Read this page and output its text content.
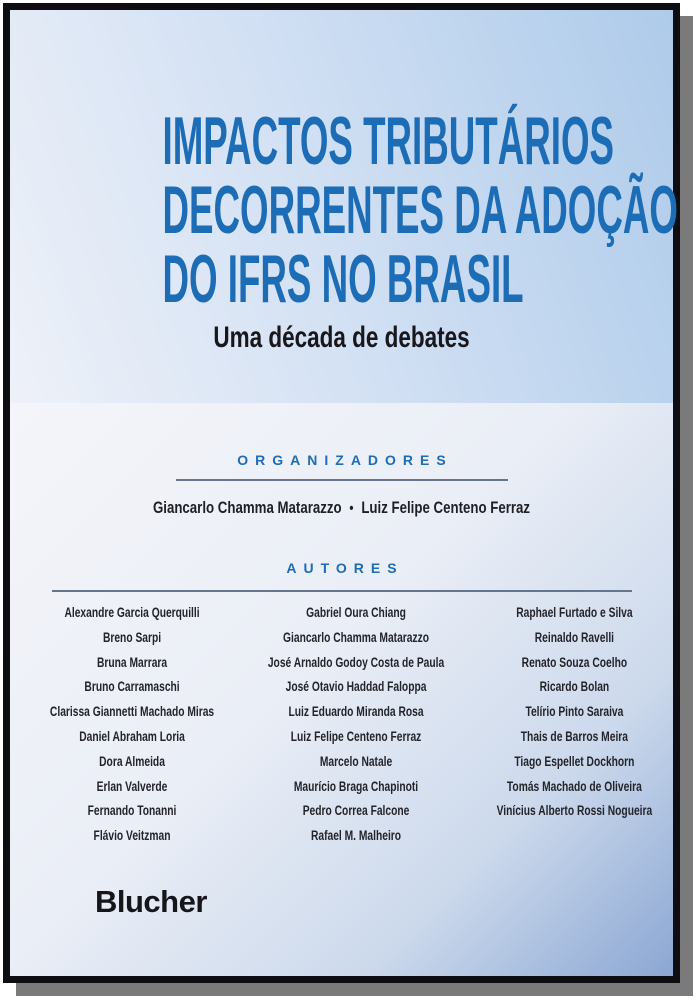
IMPACTOS TRIBUTÁRIOS
DECORRENTES DA ADOÇÃO
DO IFRS NO BRASIL
Uma década de debates
ORGANIZADORES
Giancarlo Chamma Matarazzo • Luiz Felipe Centeno Ferraz
AUTORES
Alexandre Garcia Querquilli
Breno Sarpi
Bruna Marrara
Bruno Carramaschi
Clarissa Giannetti Machado Miras
Daniel Abraham Loria
Dora Almeida
Erlan Valverde
Fernando Tonanni
Flávio Veitzman
Gabriel Oura Chiang
Giancarlo Chamma Matarazzo
José Arnaldo Godoy Costa de Paula
José Otavio Haddad Faloppa
Luiz Eduardo Miranda Rosa
Luiz Felipe Centeno Ferraz
Marcelo Natale
Maurício Braga Chapinoti
Pedro Correa Falcone
Rafael M. Malheiro
Raphael Furtado e Silva
Reinaldo Ravelli
Renato Souza Coelho
Ricardo Bolan
Telírio Pinto Saraiva
Thais de Barros Meira
Tiago Espellet Dockhorn
Tomás Machado de Oliveira
Vinícius Alberto Rossi Nogueira
Blucher
